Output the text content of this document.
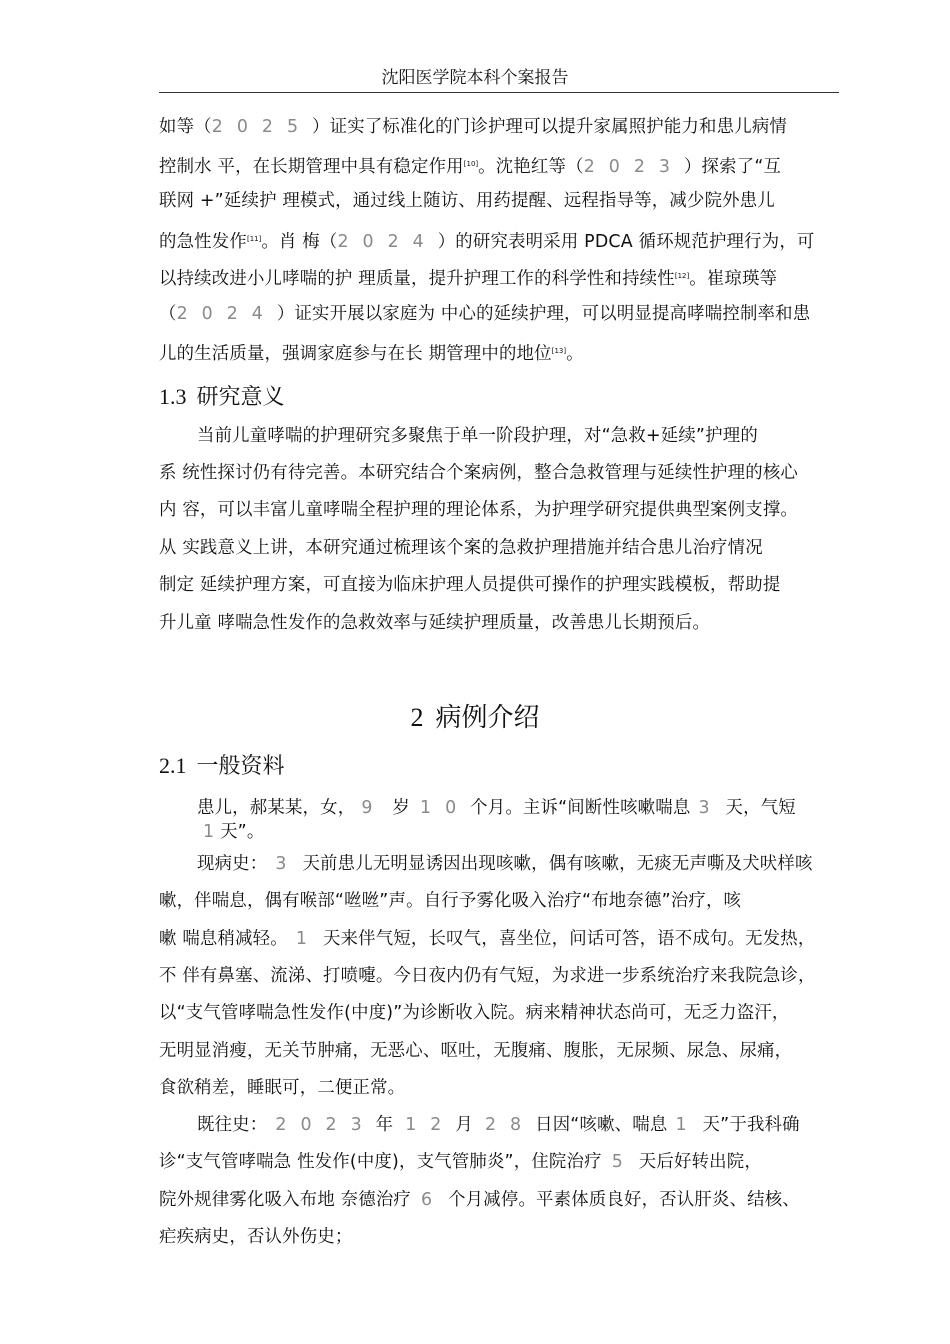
沈阳医学院本科个案报告
如等（2025）证实了标准化的门诊护理可以提升家属照护能力和患儿病情
控制水 平，在长期管理中具有稳定作用[10]。沈艳红等（2023）探索了“互
联网 +”延续护 理模式，通过线上随访、用药提醒、远程指导等，减少院外患儿
的急性发作[11]。肖 梅（2024）的研究表明采用 PDCA 循环规范护理行为，可
以持续改进小儿哮喘的护 理质量，提升护理工作的科学性和持续性[12]。崔琼瑛等
（2024）证实开展以家庭为 中心的延续护理，可以明显提高哮喘控制率和患
儿的生活质量，强调家庭参与在长 期管理中的地位[13]。
1.3 研究意义
当前儿童哮喘的护理研究多聚焦于单一阶段护理，对“急救+延续”护理的
系 统性探讨仍有待完善。本研究结合个案病例，整合急救管理与延续性护理的核心
内 容，可以丰富儿童哮喘全程护理的理论体系，为护理学研究提供典型案例支撑。
从 实践意义上讲，本研究通过梳理该个案的急救护理措施并结合患儿治疗情况
制定 延续护理方案，可直接为临床护理人员提供可操作的护理实践模板，帮助提
升儿童 哮喘急性发作的急救效率与延续护理质量，改善患儿长期预后。
2 病例介绍
2.1 一般资料
患儿，郝某某，女， 9 岁 10个月。主诉“间断性咳嗽喘息 3 天，气短
1天”。
现病史： 3 天前患儿无明显诱因出现咳嗽，偶有咳嗽，无痰无声嘶及犬吠样咳
嗽，伴喘息，偶有喉部“咝咝”声。自行予雾化吸入治疗“布地奈德”治疗，咳
嗽 喘息稍减轻。 1 天来伴气短，长叹气，喜坐位，问话可答，语不成句。无发热，
不 伴有鼻塞、流涕、打喷嚏。今日夜内仍有气短，为求进一步系统治疗来我院急诊，
以“支气管哮喘急性发作(中度)”为诊断收入院。病来精神状态尚可，无乏力盗汗，
无明显消瘦，无关节肿痛，无恶心、呕吐，无腹痛、腹胀，无尿频、尿急、尿痛，
食欲稍差，睡眠可，二便正常。
既往史： 2023年 12月 28日因“咳嗽、喘息 1 天”于我科确
诊“支气管哮喘急 性发作(中度)，支气管肺炎”，住院治疗 5 天后好转出院，
院外规律雾化吸入布地 奈德治疗 6 个月减停。平素体质良好，否认肝炎、结核、
疟疾病史，否认外伤史；
